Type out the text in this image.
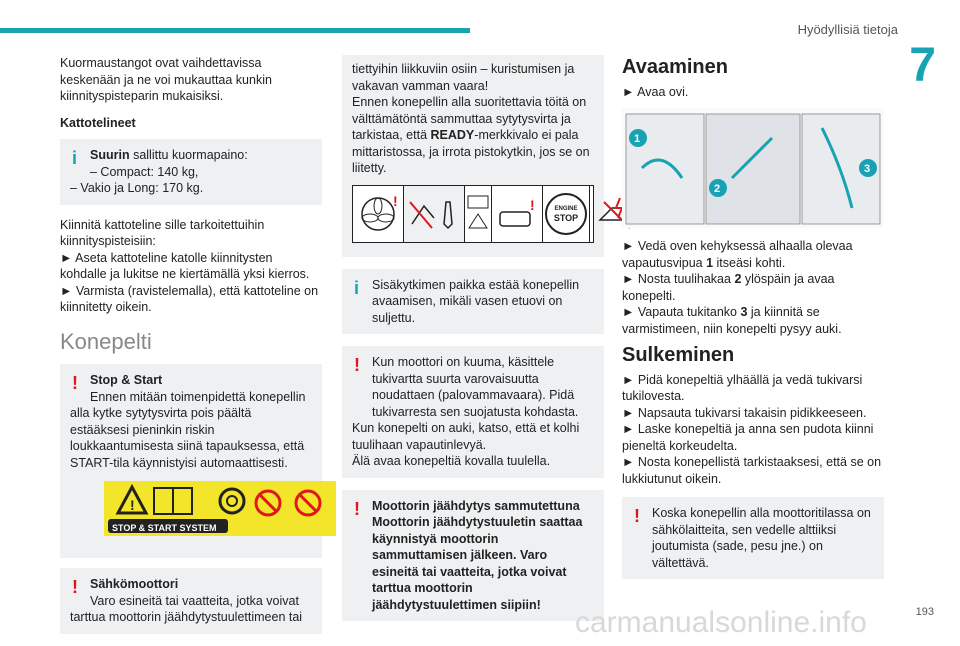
Hyödyllisiä tietoja
7

Kuormaustangot ovat vaihdettavissa keskenään ja ne voi mukauttaa kunkin kiinnityspisteparin mukaisiksi.

Kattotelineet
i Suurin sallittu kuormapaino:
– Compact: 140 kg,
– Vakio ja Long: 170 kg.

Kiinnitä kattoteline sille tarkoitettuihin kiinnityspisteisiin:

► Aseta kattoteline katolle kiinnitysten kohdalle ja lukitse ne kiertämällä yksi kierros.
► Varmista (ravistelemalla), että kattoteline on kiinnitetty oikein.
Konepelti
! Stop & Start
Ennen mitään toimenpidettä konepellin alla kytke sytytysvirta pois päältä estääksesi pieninkin riskin loukkaantumisesta siinä tapauksessa, että START-tila käynnistyisi automaattisesti.
!
STOP & START SYSTEM
! Sähkömoottori
Varo esineitä tai vaatteita, jotka voivat tarttua moottorin jäähdytystuulettimeen tai
tiettyihin liikkuviin osiin – kuristumisen ja vakavan vamman vaara!
Ennen konepellin alla suoritettavia töitä on välttämätöntä sammuttaa sytytysvirta ja tarkistaa, että READY-merkkivalo ei pala mittaristossa, ja irrota pistokytkin, jos se on liitetty.
!	!	ENGINE
STOP
i Sisäkytkimen paikka estää konepellin avaamisen, mikäli vasen etuovi on suljettu.
! Kun moottori on kuuma, käsittele tukivartta suurta varovaisuutta noudattaen (palovammavaara). Pidä tukivarresta sen suojatusta kohdasta.
Kun konepelti on auki, katso, että et kolhi tuulihaan vapautinlevyä.
Älä avaa konepeltiä kovalla tuulella.
! Moottorin jäähdytys sammutettuna Moottorin jäähdytystuuletin saattaa käynnistyä moottorin sammuttamisen jälkeen. Varo esineitä tai vaatteita, jotka voivat tarttua moottorin jäähdytystuulettimen siipiin!
Avaaminen
► Avaa ovi.
1
2
3
► Vedä oven kehyksessä alhaalla olevaa vapautusvipua 1 itseäsi kohti.
► Nosta tuulihakaa 2 ylöspäin ja avaa konepelti.
► Vapauta tukitanko 3 ja kiinnitä se varmistimeen, niin konepelti pysyy auki.
Sulkeminen
► Pidä konepeltiä ylhäällä ja vedä tukivarsi tukilovesta.
► Napsauta tukivarsi takaisin pidikkeeseen.
► Laske konepeltiä ja anna sen pudota kiinni pieneltä korkeudelta.
► Nosta konepellistä tarkistaaksesi, että se on lukkiutunut oikein.
! Koska konepellin alla moottoritilassa on sähkölaitteita, sen vedelle alttiiksi joutumista (sade, pesu jne.) on vältettävä.
carmanualsonline.info	193
